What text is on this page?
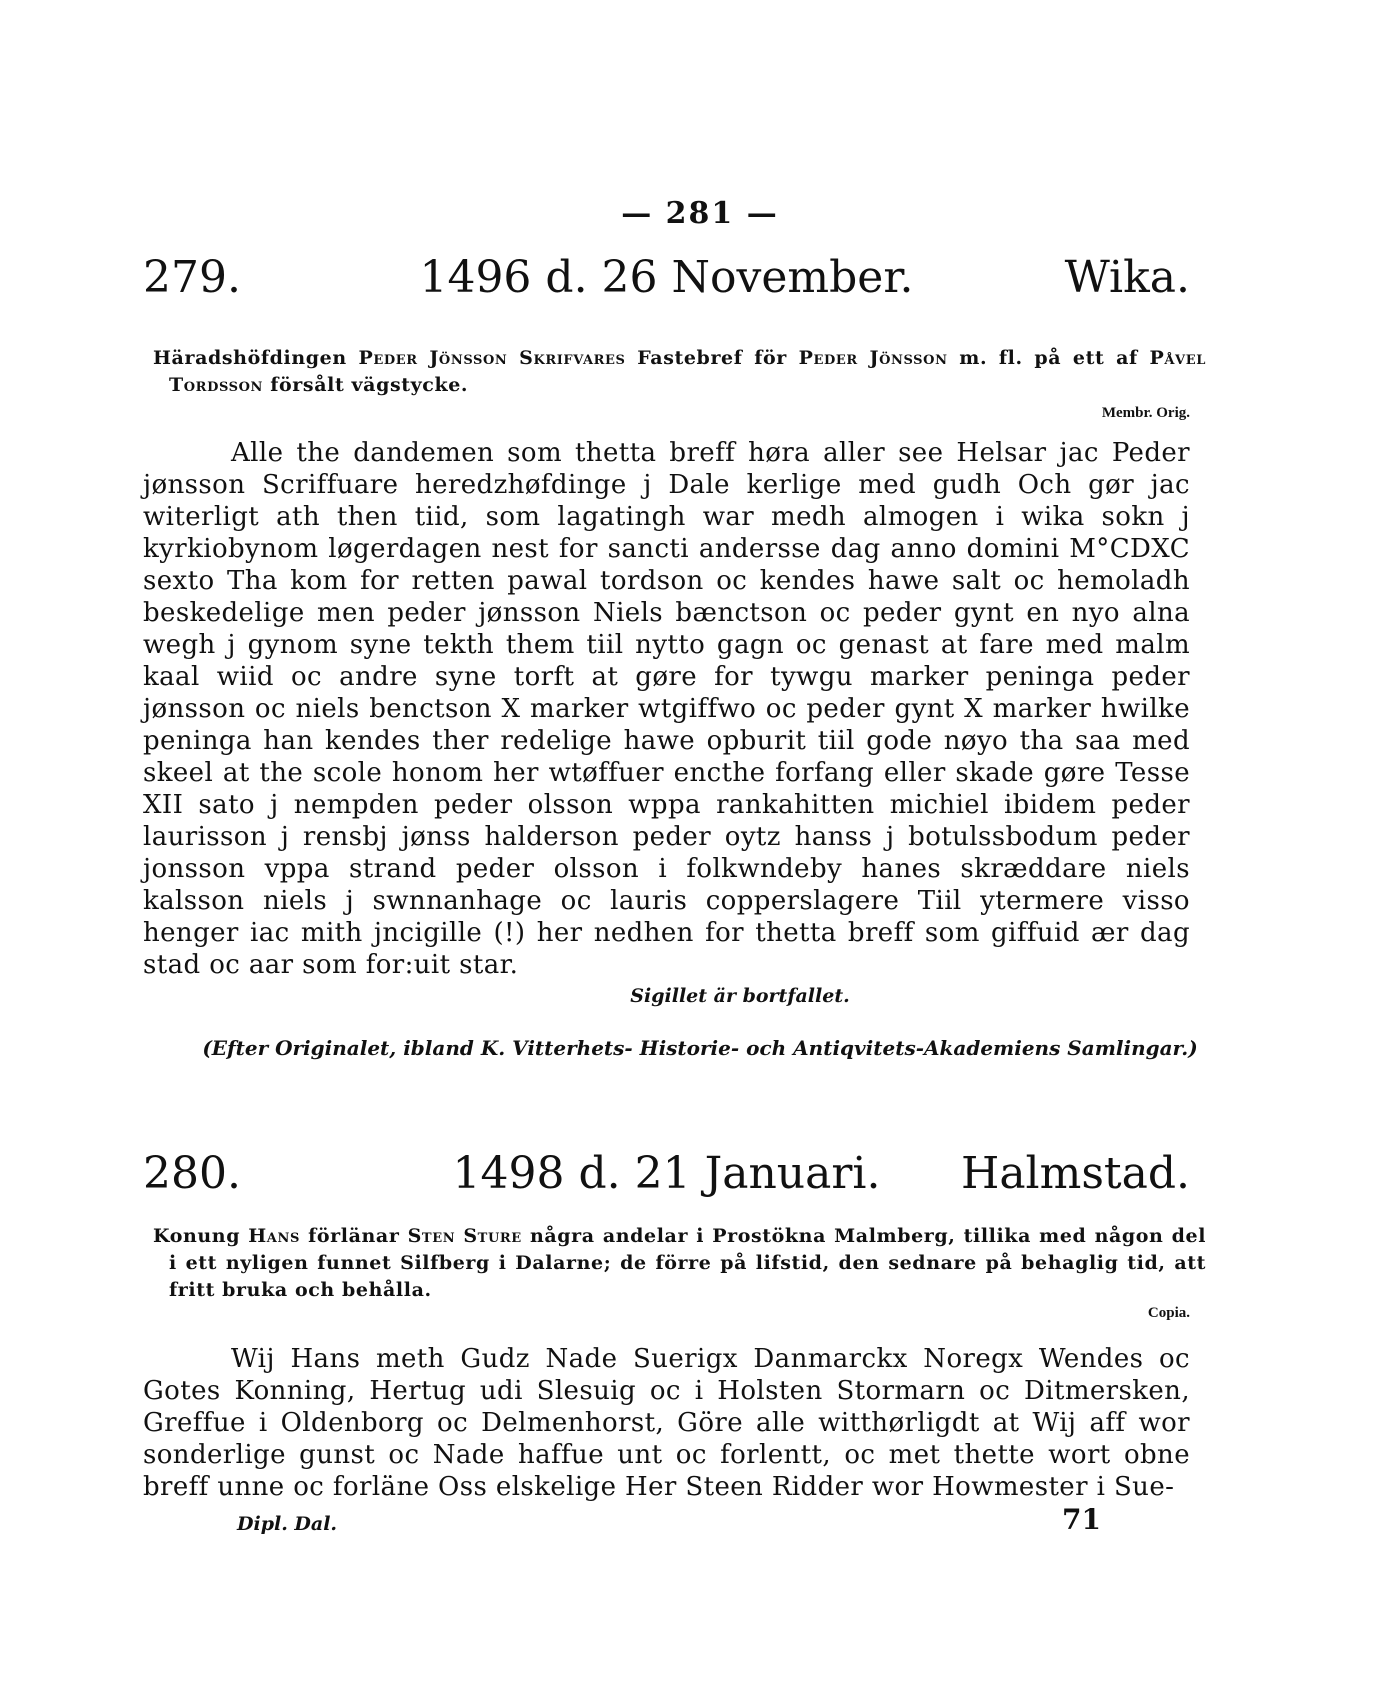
— 281 —
279.	1496 d. 26 November.	Wika.
Häradshöfdingen Peder Jönsson Skrifvares Fastebref för Peder Jönsson m. fl. på ett af Påvel Tordsson försålt vägstycke.
Membr. Orig.
Alle the dandemen som thetta breff høra aller see Helsar jac Peder jønsson Scriffuare heredzhøfdinge j Dale kerlige med gudh Och gør jac witerligt ath then tiid, som lagatingh war medh almogen i wika sokn j kyrkiobynom løgerdagen nest for sancti andersse dag anno domini M°CDXC sexto Tha kom for retten pawal tordson oc kendes hawe salt oc hemoladh beskedelige men peder jønsson Niels bænctson oc peder gynt en nyo alna wegh j gynom syne tekth them tiil nytto gagn oc genast at fare med malm kaal wiid oc andre syne torft at gøre for tywgu marker peninga peder jønsson oc niels benctson X marker wtgiffwo oc peder gynt X marker hwilke peninga han kendes ther redelige hawe opburit tiil gode nøyo tha saa med skeel at the scole honom her wtøffuer encthe forfang eller skade gøre Tesse XII sato j nempden peder olsson wppa rankahitten michiel ibidem peder laurisson j rensbj jønss halderson peder oytz hanss j botulssbodum peder jonsson vppa strand peder olsson i folkwndeby hanes skræddare niels kalsson niels j swnnanhage oc lauris copperslagere Tiil ytermere visso henger iac mith jncigille (!) her nedhen for thetta breff som giffuid ær dag stad oc aar som for:uit star.
Sigillet är bortfallet.
(Efter Originalet, ibland K. Vitterhets- Historie- och Antiqvitets-Akademiens Samlingar.)
280.	1498 d. 21 Januari.	Halmstad.
Konung Hans förlänar Sten Sture några andelar i Prostökna Malmberg, tillika med någon del i ett nyligen funnet Silfberg i Dalarne; de förre på lifstid, den sednare på behaglig tid, att fritt bruka och behålla.
Copia.
Wij Hans meth Gudz Nade Suerigx Danmarckx Noregx Wendes oc Gotes Konning, Hertug udi Slesuig oc i Holsten Stormarn oc Ditmersken, Greffue i Oldenborg oc Delmenhorst, Göre alle witthørligdt at Wij aff wor sonderlige gunst oc Nade haffue unt oc forlentt, oc met thette wort obne breff unne oc forläne Oss elskelige Her Steen Ridder wor Howmester i Sue-
Dipl. Dal.	71
